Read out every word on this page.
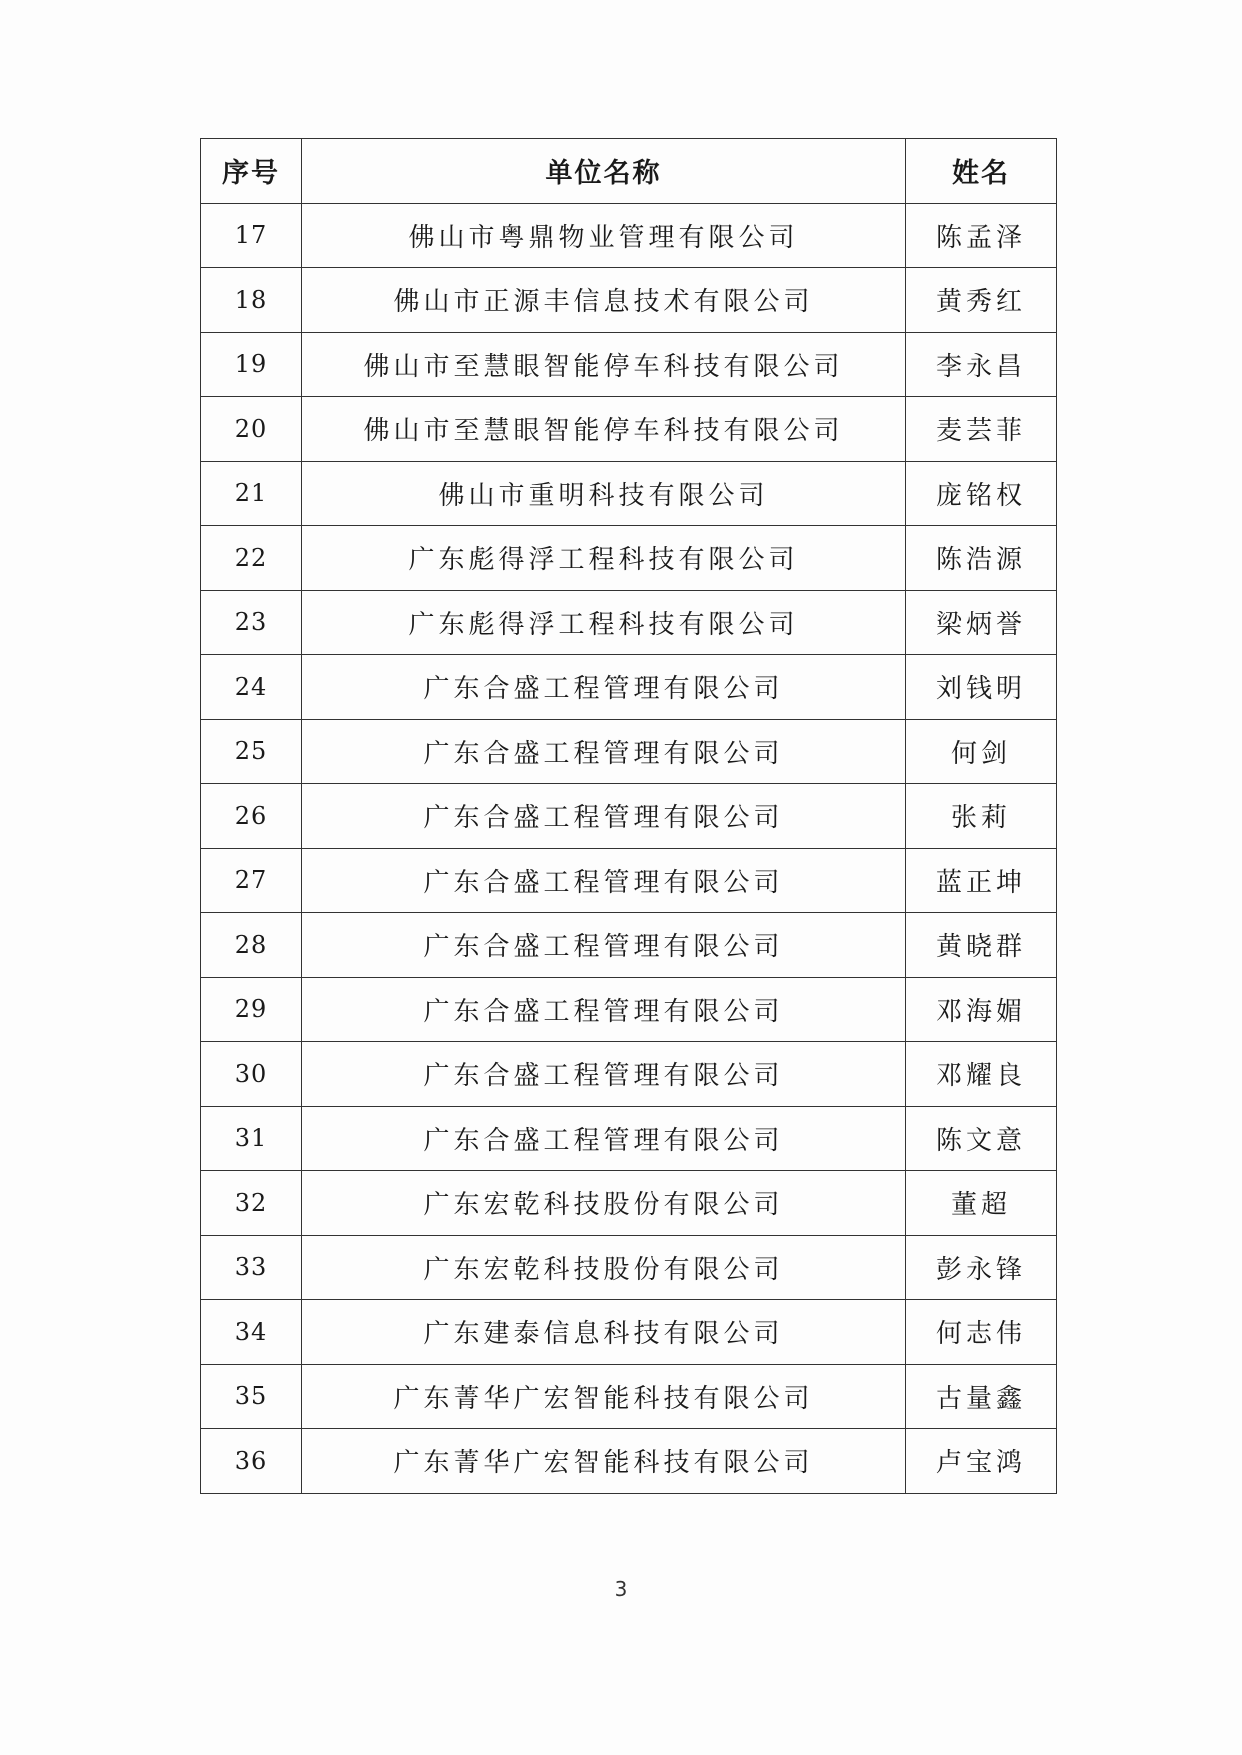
序号	单位名称	姓名
17	佛山市粤鼎物业管理有限公司	陈孟泽
18	佛山市正源丰信息技术有限公司	黄秀红
19	佛山市至慧眼智能停车科技有限公司	李永昌
20	佛山市至慧眼智能停车科技有限公司	麦芸菲
21	佛山市重明科技有限公司	庞铭权
22	广东彪得浮工程科技有限公司	陈浩源
23	广东彪得浮工程科技有限公司	梁炳誉
24	广东合盛工程管理有限公司	刘钱明
25	广东合盛工程管理有限公司	何剑
26	广东合盛工程管理有限公司	张莉
27	广东合盛工程管理有限公司	蓝正坤
28	广东合盛工程管理有限公司	黄晓群
29	广东合盛工程管理有限公司	邓海媚
30	广东合盛工程管理有限公司	邓耀良
31	广东合盛工程管理有限公司	陈文意
32	广东宏乾科技股份有限公司	董超
33	广东宏乾科技股份有限公司	彭永锋
34	广东建泰信息科技有限公司	何志伟
35	广东菁华广宏智能科技有限公司	古量鑫
36	广东菁华广宏智能科技有限公司	卢宝鸿
3
